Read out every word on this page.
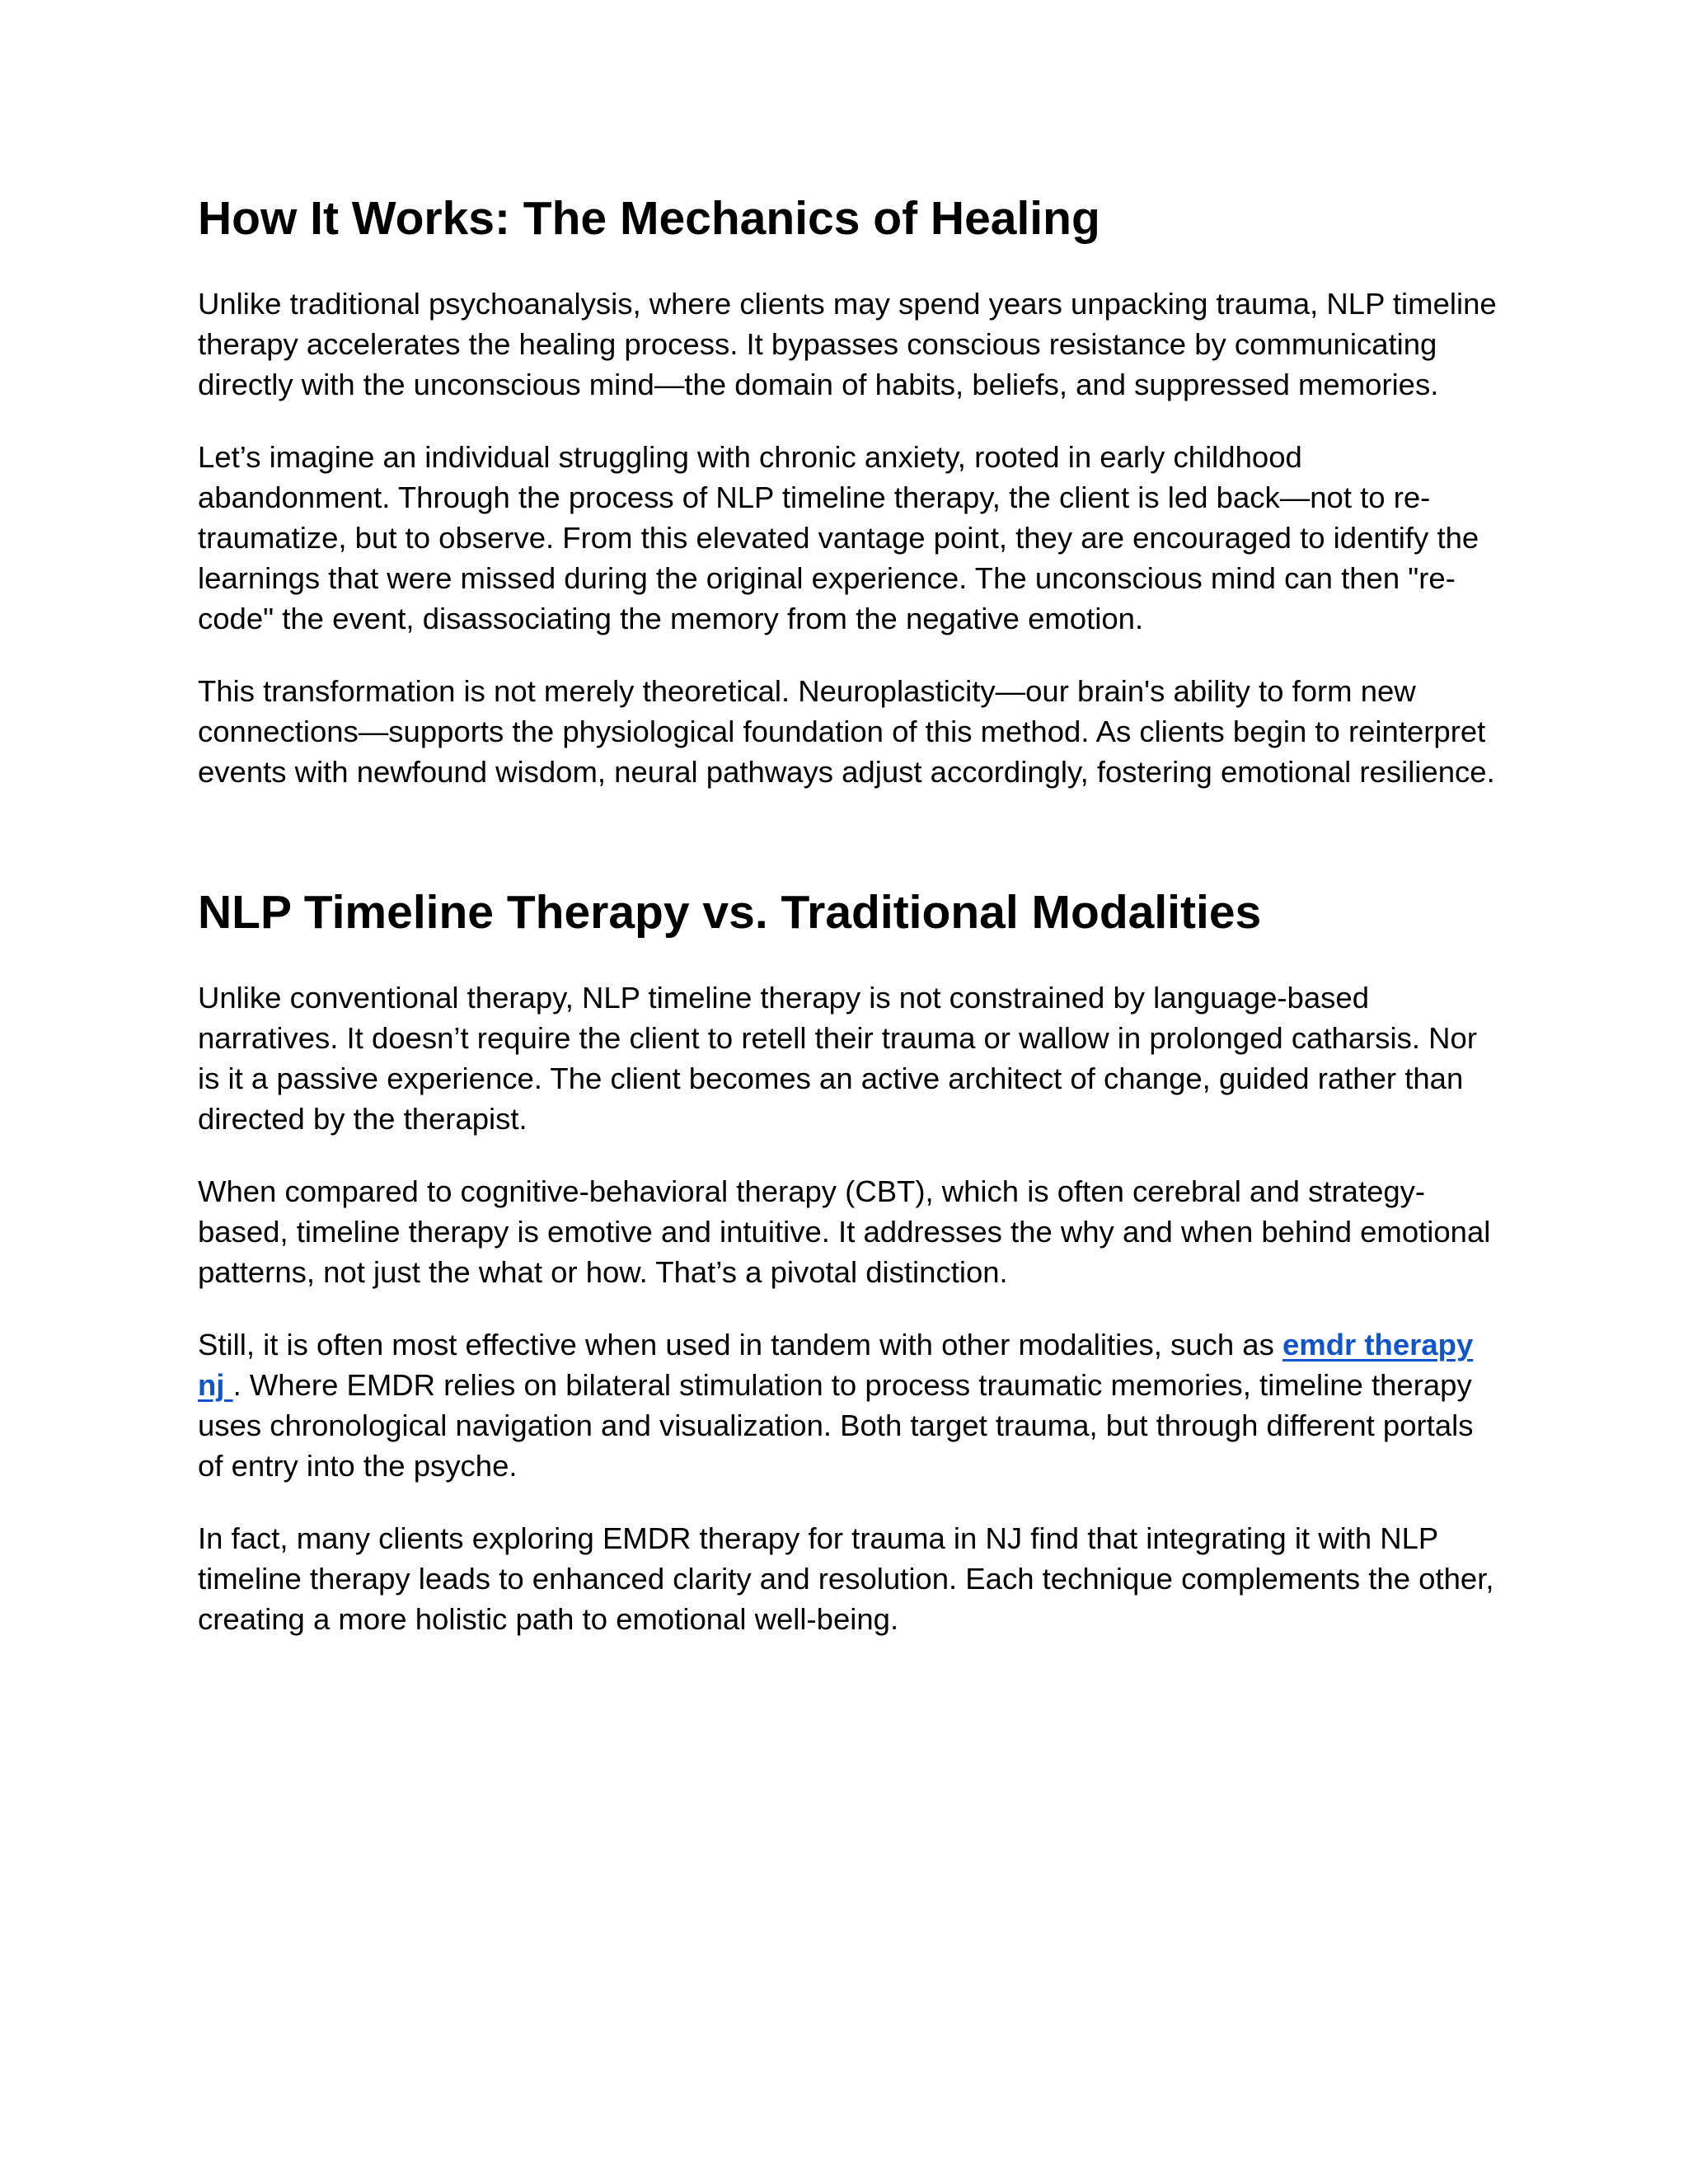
How It Works: The Mechanics of Healing

Unlike traditional psychoanalysis, where clients may spend years unpacking trauma, NLP timeline therapy accelerates the healing process. It bypasses conscious resistance by communicating directly with the unconscious mind—the domain of habits, beliefs, and suppressed memories.

Let’s imagine an individual struggling with chronic anxiety, rooted in early childhood abandonment. Through the process of NLP timeline therapy, the client is led back—not to re-traumatize, but to observe. From this elevated vantage point, they are encouraged to identify the learnings that were missed during the original experience. The unconscious mind can then "re-code" the event, disassociating the memory from the negative emotion.

This transformation is not merely theoretical. Neuroplasticity—our brain's ability to form new connections—supports the physiological foundation of this method. As clients begin to reinterpret events with newfound wisdom, neural pathways adjust accordingly, fostering emotional resilience.

NLP Timeline Therapy vs. Traditional Modalities

Unlike conventional therapy, NLP timeline therapy is not constrained by language-based narratives. It doesn’t require the client to retell their trauma or wallow in prolonged catharsis. Nor is it a passive experience. The client becomes an active architect of change, guided rather than directed by the therapist.

When compared to cognitive-behavioral therapy (CBT), which is often cerebral and strategy-based, timeline therapy is emotive and intuitive. It addresses the why and when behind emotional patterns, not just the what or how. That’s a pivotal distinction.

Still, it is often most effective when used in tandem with other modalities, such as emdr therapy nj . Where EMDR relies on bilateral stimulation to process traumatic memories, timeline therapy uses chronological navigation and visualization. Both target trauma, but through different portals of entry into the psyche.

In fact, many clients exploring EMDR therapy for trauma in NJ find that integrating it with NLP timeline therapy leads to enhanced clarity and resolution. Each technique complements the other, creating a more holistic path to emotional well-being.
